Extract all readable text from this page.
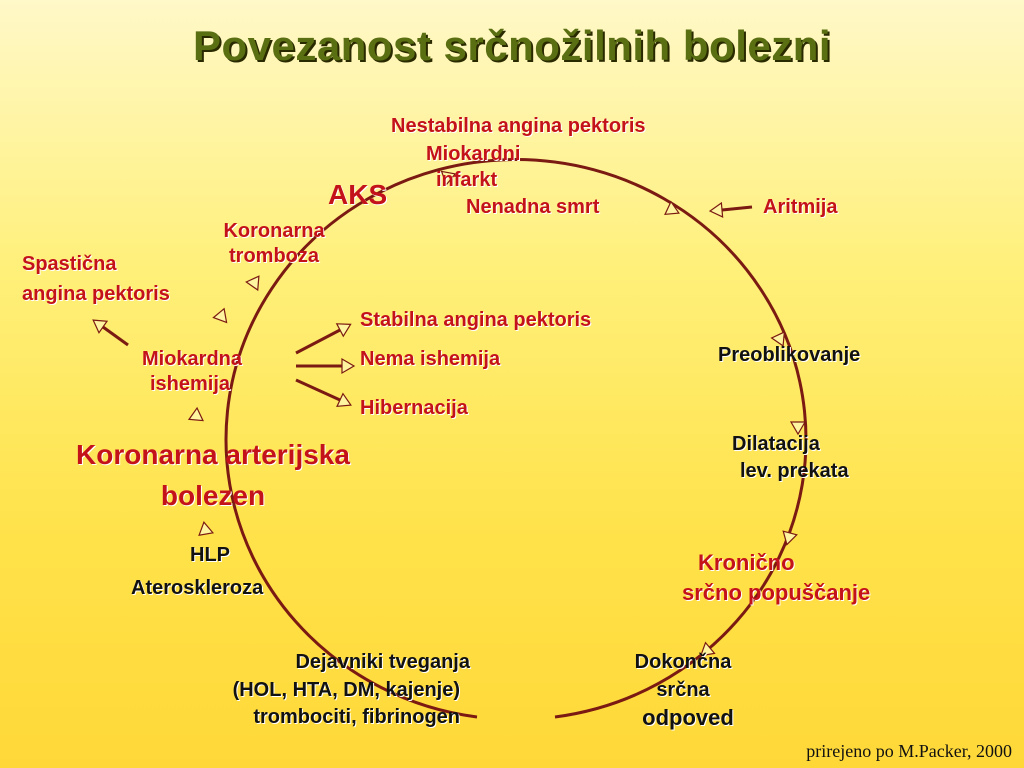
Povezanost srčnožilnih bolezni
Nestabilna angina pektoris
Miokardni
infarkt
Nenadna smrt	Aritmija
AKS
Koronarna
tromboza
Spastična
angina pektoris
Miokardna
ishemija
Stabilna angina pektoris
Nema ishemija
Hibernacija
Koronarna arterijska
bolezen
HLP
Ateroskleroza
Dejavniki tveganja
(HOL, HTA, DM, kajenje)
trombociti, fibrinogen
Dokončna
srčna
odpoved
Preoblikovanje
Dilatacija
lev. prekata
Kronično
srčno popuščanje
prirejeno po M.Packer, 2000
